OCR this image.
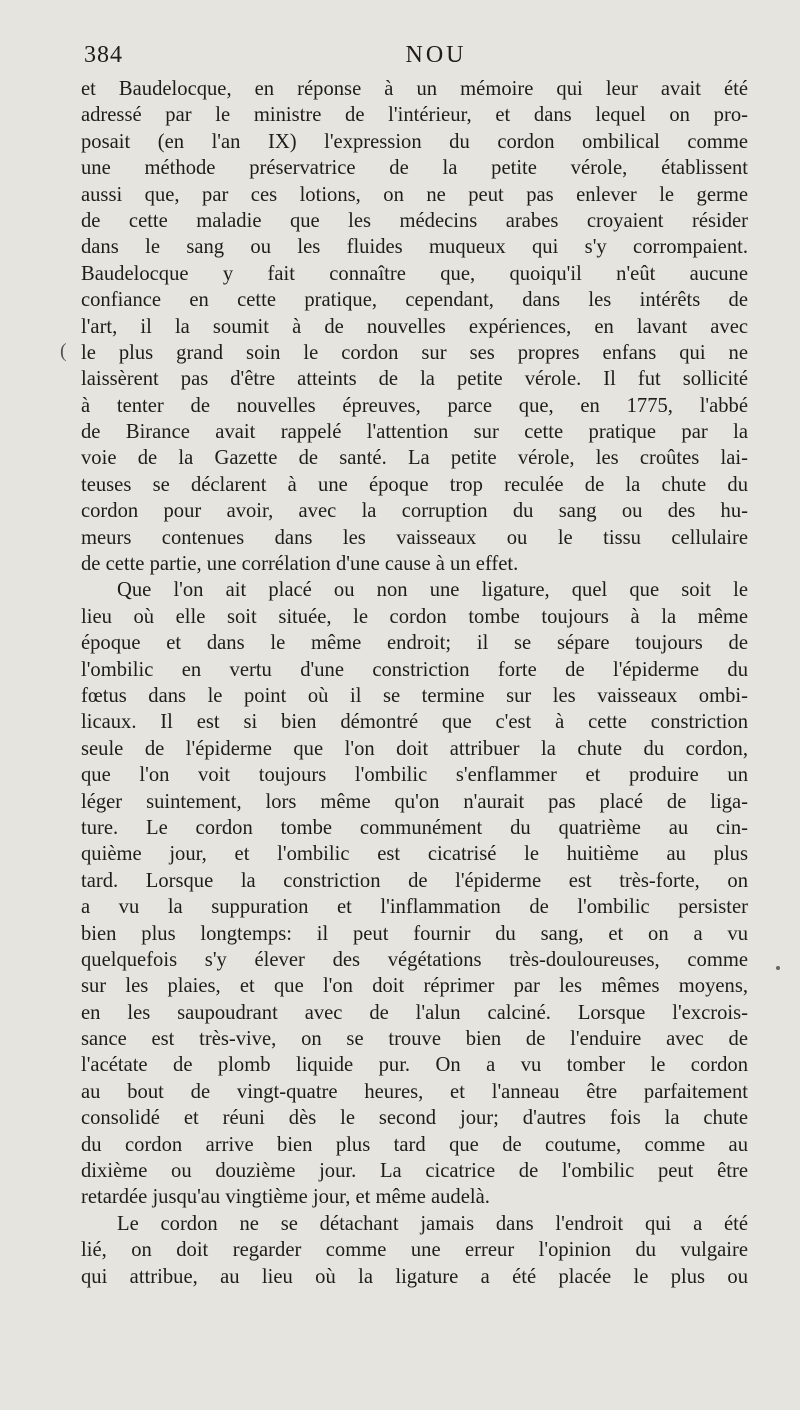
384	NOU
(

et Baudelocque, en réponse à un mémoire qui leur avait été
adressé par le ministre de l'intérieur, et dans lequel on pro-
posait (en l'an IX) l'expression du cordon ombilical comme
une méthode préservatrice de la petite vérole, établissent
aussi que, par ces lotions, on ne peut pas enlever le germe
de cette maladie que les médecins arabes croyaient résider
dans le sang ou les fluides muqueux qui s'y corrompaient.
Baudelocque y fait connaître que, quoiqu'il n'eût aucune
confiance en cette pratique, cependant, dans les intérêts de
l'art, il la soumit à de nouvelles expériences, en lavant avec
le plus grand soin le cordon sur ses propres enfans qui ne
laissèrent pas d'être atteints de la petite vérole. Il fut sollicité
à tenter de nouvelles épreuves, parce que, en 1775, l'abbé
de Birance avait rappelé l'attention sur cette pratique par la
voie de la Gazette de santé. La petite vérole, les croûtes lai-
teuses se déclarent à une époque trop reculée de la chute du
cordon pour avoir, avec la corruption du sang ou des hu-
meurs contenues dans les vaisseaux ou le tissu cellulaire
de cette partie, une corrélation d'une cause à un effet.

Que l'on ait placé ou non une ligature, quel que soit le
lieu où elle soit située, le cordon tombe toujours à la même
époque et dans le même endroit; il se sépare toujours de
l'ombilic en vertu d'une constriction forte de l'épiderme du
fœtus dans le point où il se termine sur les vaisseaux ombi-
licaux. Il est si bien démontré que c'est à cette constriction
seule de l'épiderme que l'on doit attribuer la chute du cordon,
que l'on voit toujours l'ombilic s'enflammer et produire un
léger suintement, lors même qu'on n'aurait pas placé de liga-
ture. Le cordon tombe communément du quatrième au cin-
quième jour, et l'ombilic est cicatrisé le huitième au plus
tard. Lorsque la constriction de l'épiderme est très-forte, on
a vu la suppuration et l'inflammation de l'ombilic persister
bien plus longtemps: il peut fournir du sang, et on a vu
quelquefois s'y élever des végétations très-douloureuses, comme
sur les plaies, et que l'on doit réprimer par les mêmes moyens,
en les saupoudrant avec de l'alun calciné. Lorsque l'excrois-
sance est très-vive, on se trouve bien de l'enduire avec de
l'acétate de plomb liquide pur. On a vu tomber le cordon
au bout de vingt-quatre heures, et l'anneau être parfaitement
consolidé et réuni dès le second jour; d'autres fois la chute
du cordon arrive bien plus tard que de coutume, comme au
dixième ou douzième jour. La cicatrice de l'ombilic peut être
retardée jusqu'au vingtième jour, et même audelà.

Le cordon ne se détachant jamais dans l'endroit qui a été
lié, on doit regarder comme une erreur l'opinion du vulgaire
qui attribue, au lieu où la ligature a été placée le plus ou
